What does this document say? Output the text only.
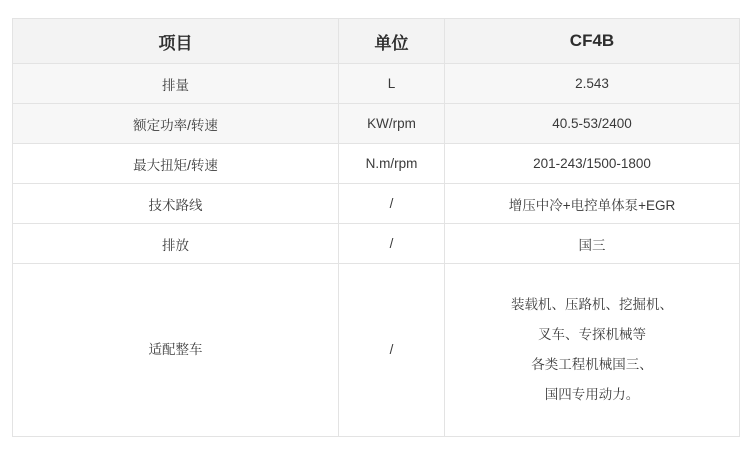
项目	单位	CF4B
排量	L	2.543
额定功率/转速	KW/rpm	40.5-53/2400
最大扭矩/转速	N.m/rpm	201-243/1500-1800
技术路线	/	增压中冷+电控单体泵+EGR
排放	/	国三
适配整车	/	装载机、压路机、挖掘机、
叉车、专探机械等
各类工程机械国三、
国四专用动力。
